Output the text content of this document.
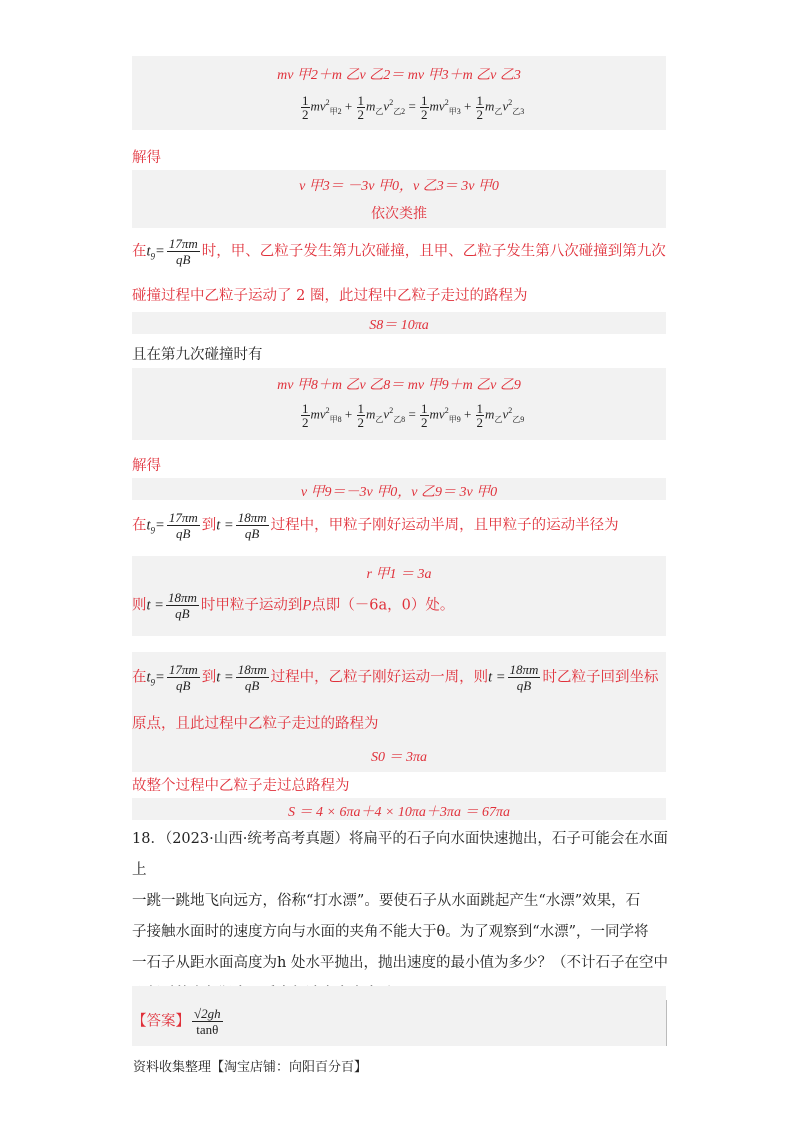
mv 甲2＋m 乙v 乙2＝ mv 甲3＋m 乙v 乙3
$\frac{1}{2} mv^2_{甲2} + \frac{1}{2} m_乙v^2_{乙2} = \frac{1}{2} mv^2_{甲3} + \frac{1}{2} m_乙v^2_{乙3}$
解得
v 甲3＝ －3v 甲0，v 乙3＝ 3v 甲0
依次类推
在$t_9= \frac{17\pi m}{qB}$ 时，甲、乙粒子发生第九次碰撞，且甲、乙粒子发生第八次碰撞到第九次
碰撞过程中乙粒子运动了 2 圈，此过程中乙粒子走过的路程为
S8＝ 10πa
且在第九次碰撞时有
mv 甲8＋m 乙v 乙8＝ mv 甲9＋m 乙v 乙9
$\frac{1}{2} mv^2_{甲8} + \frac{1}{2} m_乙v^2_{乙8} = \frac{1}{2} mv^2_{甲9} + \frac{1}{2} m_乙v^2_{乙9}$
解得
v 甲9＝－3v 甲0，v 乙9＝ 3v 甲0
在$t_9= \frac{17\pi m}{qB}$ 到$t = \frac{18\pi m}{qB}$ 过程中，甲粒子刚好运动半周，且甲粒子的运动半径为
r 甲1 ＝ 3a
则$t = \frac{18\pi m}{qB}$ 时甲粒子运动到P点即（－6a，0）处。
在$t_9= \frac{17\pi m}{qB}$ 到$t = \frac{18\pi m}{qB}$ 过程中，乙粒子刚好运动一周，则$t = \frac{18\pi m}{qB}$ 时乙粒子回到坐标
原点，且此过程中乙粒子走过的路程为
S0 ＝ 3πa
故整个过程中乙粒子走过总路程为
S ＝ 4 × 6πa＋4 × 10πa＋3πa ＝ 67πa
18．（2023·山西·统考高考真题）将扁平的石子向水面快速抛出，石子可能会在水面上
一跳一跳地飞向远方，俗称“打水漂”。要使石子从水面跳起产生“水漂”效果，石
子接触水面时的速度方向与水面的夹角不能大于θ。为了观察到“水漂”，一同学将
一石子从距水面高度为h 处水平抛出，抛出速度的最小值为多少？（不计石子在空中
【答案】 $\frac{√2gh}{\tan\theta}$
资料收集整理【淘宝店铺：向阳百分百】
